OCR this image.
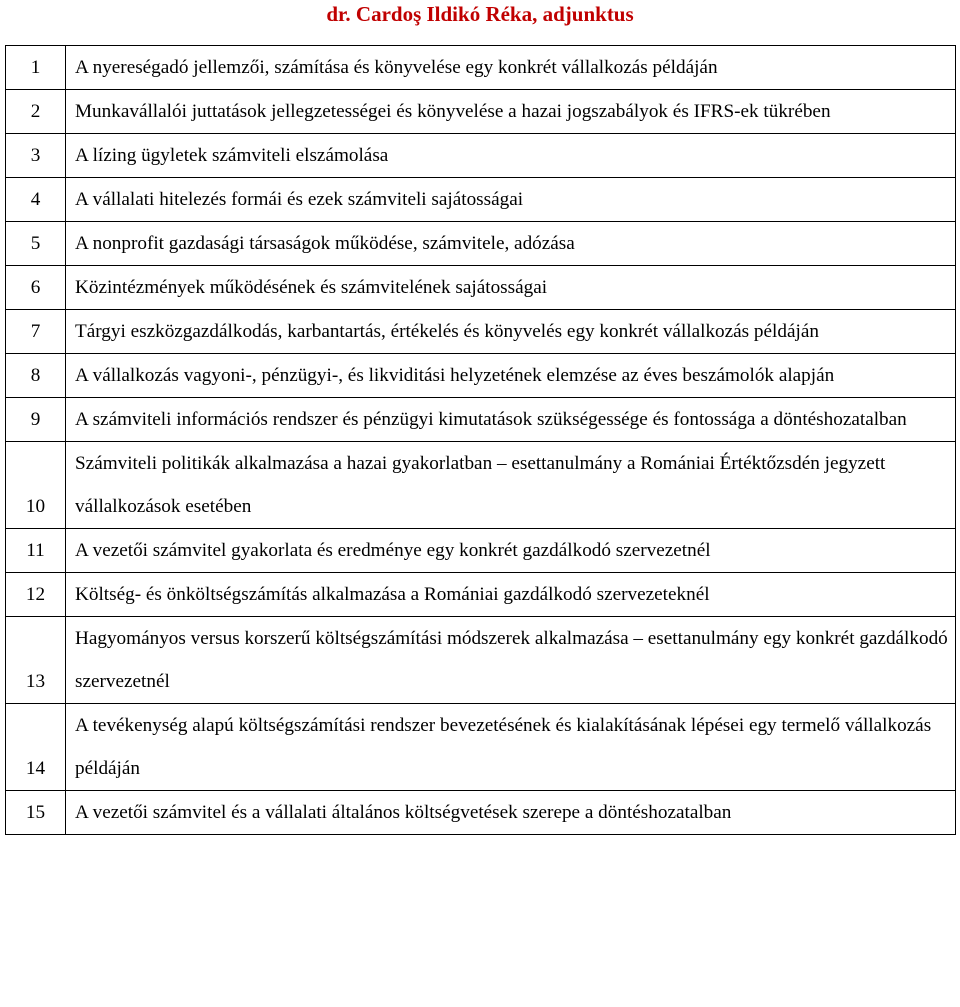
dr. Cardoş Ildikó Réka, adjunktus
1	A nyereségadó jellemzői, számítása és könyvelése egy konkrét vállalkozás példáján
2	Munkavállalói juttatások jellegzetességei és könyvelése a hazai jogszabályok és IFRS-ek tükrében
3	A lízing ügyletek számviteli elszámolása
4	A vállalati hitelezés formái és ezek számviteli sajátosságai
5	A nonprofit gazdasági társaságok működése, számvitele, adózása
6	Közintézmények működésének és számvitelének sajátosságai
7	Tárgyi eszközgazdálkodás, karbantartás, értékelés és könyvelés egy konkrét vállalkozás példáján
8	A vállalkozás vagyoni-, pénzügyi-, és likviditási helyzetének elemzése az éves beszámolók alapján
9	A számviteli információs rendszer és pénzügyi kimutatások szükségessége és fontossága a döntéshozatalban
10	Számviteli politikák alkalmazása a hazai gyakorlatban – esettanulmány a Romániai Értéktőzsdén jegyzett vállalkozások esetében
11	A vezetői számvitel gyakorlata és eredménye egy konkrét gazdálkodó szervezetnél
12	Költség- és önköltségszámítás alkalmazása a Romániai gazdálkodó szervezeteknél
13	Hagyományos versus korszerű költségszámítási módszerek alkalmazása – esettanulmány egy konkrét gazdálkodó szervezetnél
14	A tevékenység alapú költségszámítási rendszer bevezetésének és kialakításának lépései egy termelő vállalkozás példáján
15	A vezetői számvitel és a vállalati általános költségvetések szerepe a döntéshozatalban
